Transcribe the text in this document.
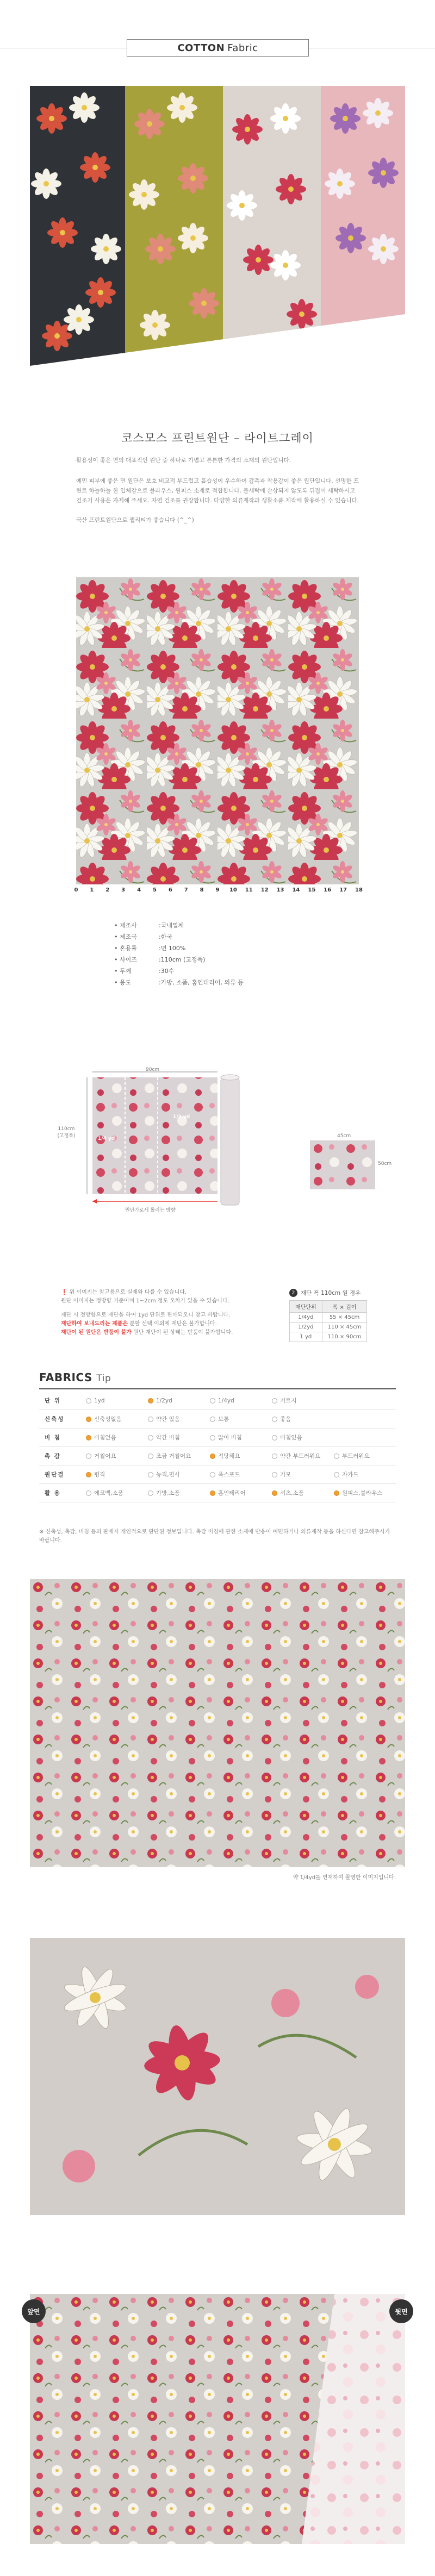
COTTON Fabric
코스모스 프린트원단 – 라이트그레이
활용성이 좋은 면의 대표적인 원단 중 하나로 가볍고 튼튼한 가격의 소재의 원단입니다.
예민 피부에 좋은 면 원단은 보호 비교적 부드럽고 흡습성이 우수하여 감촉과 착용감이 좋은 원단입니다. 선명한 프린트 하늘하늘 한 입체감으로 블라우스, 원피스 소재로 적합합니다. 물세탁에 손상되지 않도록 뒤집어 세탁하시고 건조기 사용은 자제해 주세요. 자연 건조를 권장합니다. 다양한 의류제작과 생활소품 제작에 활용하실 수 있습니다.
국산 프린트원단으로 퀄리티가 좋습니다 (^_^)
0 1 2 3 4 5 6 7 8 9 10 11 12 13 14 15 16 17 18
• 제조사	: 국내업체
• 제조국	: 한국
• 혼용률	: 면 100%
• 사이즈	: 110cm (고정폭)
• 두께	: 30수
• 용도	: 가방, 소품, 홈인테리어, 의류 등
90cm
110cm
(고정폭)	1/4 yd
1/2 yd
원단가로세 롤러는 방향
45cm
50cm
❗ 위 이미지는 참고용으로 실제와 다를 수 있습니다.
원단 이미지는 정방향 기준이며 1~2cm 정도 오차가 있을 수 있습니다.
재단 시 정방향으로 재단을 하여 1yd 단위로 판매되오니 참고 바랍니다.
재단하여 보내드리는 제품은 분할 선택 이외에 재단은 불가합니다.
재단이 된 원단은 반품이 불가 원단 재단이 된 상태는 반품이 불가합니다.
2	재단 폭 110cm 원 경우
재단단위	폭 × 길이
1/4yd	55 × 45cm
1/2yd	110 × 45cm
1 yd	110 × 90cm
FABRICS Tip
단 위	1yd	1/2yd	1/4yd	커트지
신축성	신축성없음	약간 있음	보통	좋음
비 침	비침없음	약간 비침	많이 비침	비침있음
촉 감	거칠어요	조금 거칠어요	적당해요	약간 부드러워요	부드러워요
원단결	평직	능직,면사	옥스포드	기모	자카드
활 용	에코백,소품	가방,소품	홈인테리어	셔츠,소품	원피스,블라우스
※ 신축성, 촉감, 비침 등의 판매자 개인적으로 판단된 정보입니다. 촉감 비침에 관한 소재에 반응이 예민하거나 의류제작 등을 하신다면 참고해주시기 바랍니다.
약 1/4yd를 연재하여 촬영한 이미지입니다.
앞면	뒷면
